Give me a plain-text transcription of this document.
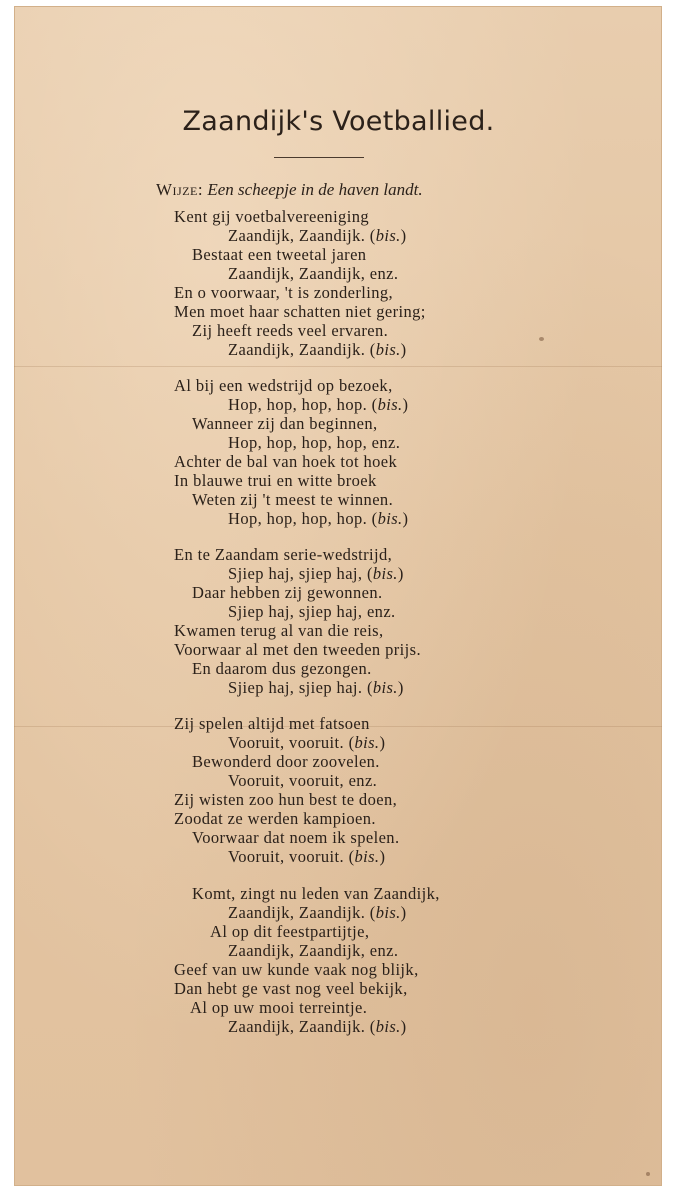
Zaandijk's Voetballied.
Wijze: Een scheepje in de haven landt.
Kent gij voetbalvereeniging
Zaandijk, Zaandijk. (bis.)
Bestaat een tweetal jaren
Zaandijk, Zaandijk, enz.
En o voorwaar, 't is zonderling,
Men moet haar schatten niet gering;
Zij heeft reeds veel ervaren.
Zaandijk, Zaandijk. (bis.)
Al bij een wedstrijd op bezoek,
Hop, hop, hop, hop. (bis.)
Wanneer zij dan beginnen,
Hop, hop, hop, hop, enz.
Achter de bal van hoek tot hoek
In blauwe trui en witte broek
Weten zij 't meest te winnen.
Hop, hop, hop, hop. (bis.)
En te Zaandam serie-wedstrijd,
Sjiep haj, sjiep haj, (bis.)
Daar hebben zij gewonnen.
Sjiep haj, sjiep haj, enz.
Kwamen terug al van die reis,
Voorwaar al met den tweeden prijs.
En daarom dus gezongen.
Sjiep haj, sjiep haj. (bis.)
Zij spelen altijd met fatsoen
Vooruit, vooruit. (bis.)
Bewonderd door zoovelen.
Vooruit, vooruit, enz.
Zij wisten zoo hun best te doen,
Zoodat ze werden kampioen.
Voorwaar dat noem ik spelen.
Vooruit, vooruit. (bis.)
Komt, zingt nu leden van Zaandijk,
Zaandijk, Zaandijk. (bis.)
Al op dit feestpartijtje,
Zaandijk, Zaandijk, enz.
Geef van uw kunde vaak nog blijk,
Dan hebt ge vast nog veel bekijk,
Al op uw mooi terreintje.
Zaandijk, Zaandijk. (bis.)
